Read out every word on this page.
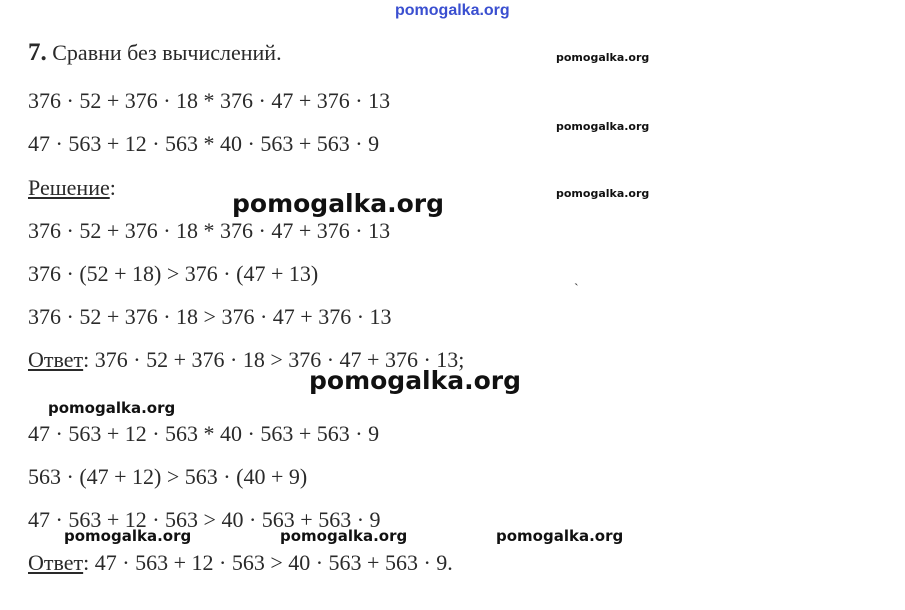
pomogalka.org
7. Сравни без вычислений.
376 · 52 + 376 · 18 * 376 · 47 + 376 · 13
47 · 563 + 12 · 563 * 40 · 563 + 563 · 9
Решение:
376 · 52 + 376 · 18 * 376 · 47 + 376 · 13
376 · (52 + 18) > 376 · (47 + 13)
376 · 52 + 376 · 18 > 376 · 47 + 376 · 13
Ответ: 376 · 52 + 376 · 18 > 376 · 47 + 376 · 13;
47 · 563 + 12 · 563 * 40 · 563 + 563 · 9
563 · (47 + 12) > 563 · (40 + 9)
47 · 563 + 12 · 563 > 40 · 563 + 563 · 9
Ответ: 47 · 563 + 12 · 563 > 40 · 563 + 563 · 9.
pomogalka.org
pomogalka.org
pomogalka.org
pomogalka.org
pomogalka.org
pomogalka.org
pomogalka.org	pomogalka.org	pomogalka.org
`
